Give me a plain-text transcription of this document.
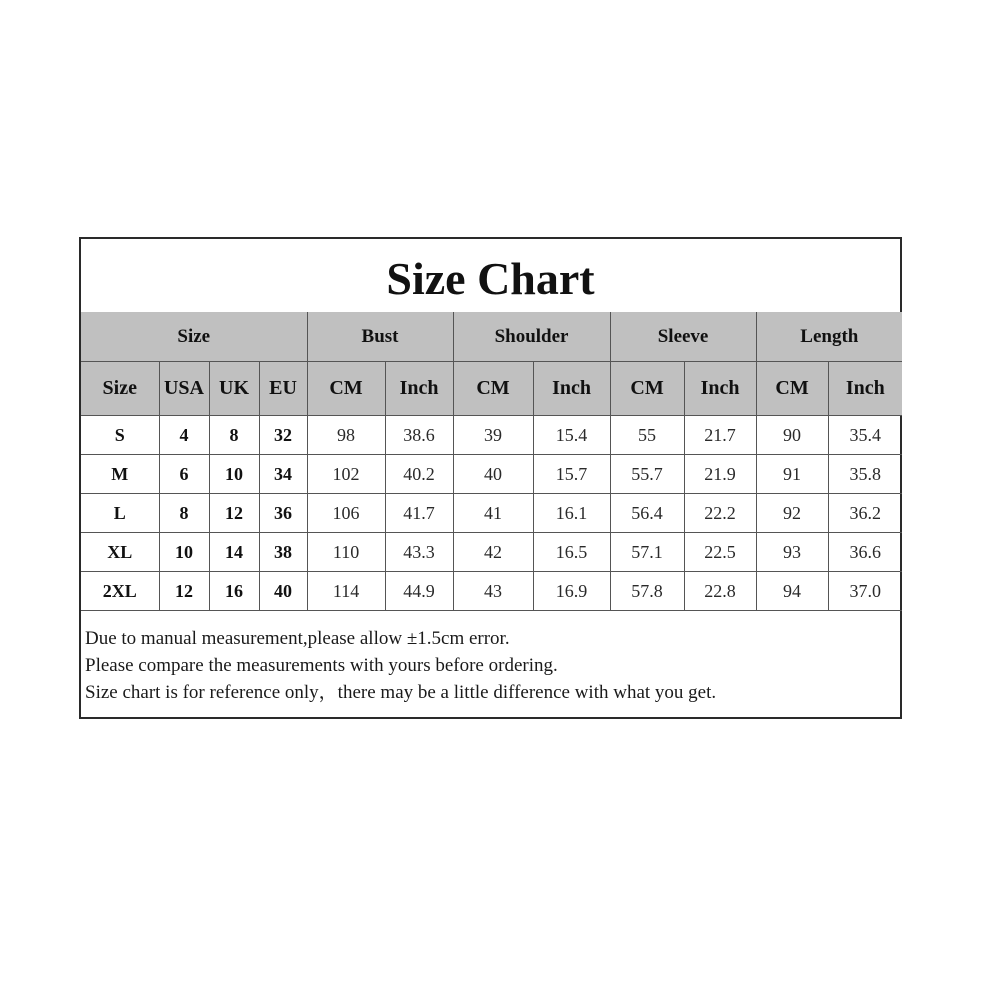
Size Chart
Size				Bust		Shoulder		Sleeve		Length	
Size	USA	UK	EU	CM	Inch	CM	Inch	CM	Inch	CM	Inch
S	4	8	32	98	38.6	39	15.4	55	21.7	90	35.4
M	6	10	34	102	40.2	40	15.7	55.7	21.9	91	35.8
L	8	12	36	106	41.7	41	16.1	56.4	22.2	92	36.2
XL	10	14	38	110	43.3	42	16.5	57.1	22.5	93	36.6
2XL	12	16	40	114	44.9	43	16.9	57.8	22.8	94	37.0
Due to manual measurement,please allow ±1.5cm error.
Please compare the measurements with yours before ordering.
Size chart is for reference only，there may be a little difference with what you get.
